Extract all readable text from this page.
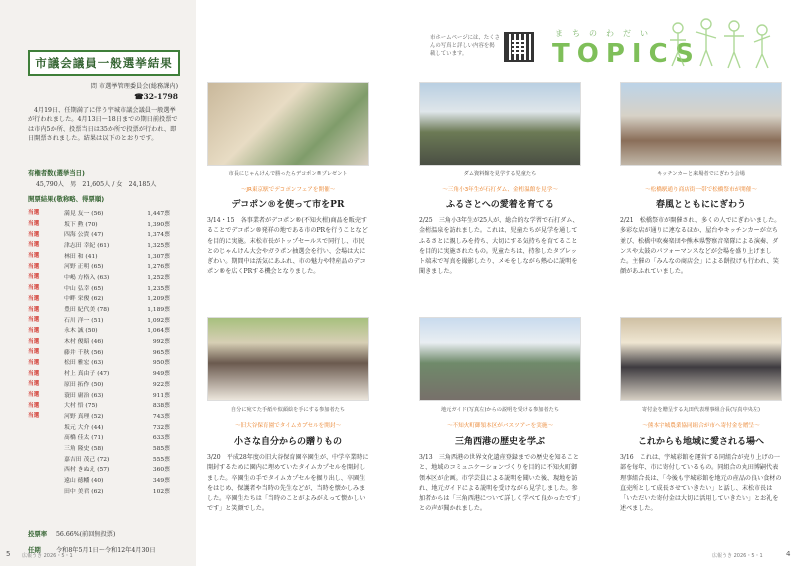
市議会議員一般選挙結果
問 市選挙管理委員会(総務課内)
☎32-1798
4月19日、任期満了に伴う宇城市議会議員一般選挙が行われました。4月13日～18日までの期日前投票では市内5か所、投票当日は35か所で投票が行われ、即日開票されました。結果は以下のとおりです。
有権者数(選挙当日)
45,790人　男　21,605人 / 女　24,185人
開票結果(敬称略、得票順)
当選	満見 友一 (56)	1,447票
当選	坂下 勲 (70)	1,390票
当選	四海 公貴 (47)	1,374票
当選	津志田 幸紀 (61)	1,325票
当選	林田 和 (41)	1,307票
当選	河野 正明 (65)	1,276票
当選	中嶋 方格入 (63)	1,252票
当選	中山 弘幸 (65)	1,235票
当選	中畔 栄俊 (62)	1,209票
当選	豊田 紀代美 (78)	1,189票
当選	石川 洋一 (51)	1,092票
当選	永木 誠 (50)	1,064票
当選	木村 俊昭 (46)	992票
当選	藤井 千秋 (56)	965票
当選	松田 雅宏 (63)	950票
当選	村上 真由子 (47)	949票
当選	原田 拓作 (50)	922票
当選	蓑田 庸治 (63)	911票
当選	大村 悟 (75)	838票
当選	河野 真理 (52)	743票
坂元 大介 (44)	732票
髙橋 佳太 (71)	633票
三角 隆史 (58)	585票
嘉吉田 茂己 (72)	555票
西村 きぬえ (57)	360票
遠山 徳幡 (40)	349票
田中 美君 (62)	102票
投票率 56.66%(前回無投票)
任期 令和8年5月1日～令和12年4月30日
市ホームページには、たくさんの写真と詳しい内容を掲載しています。
まちのわだい
TOPICS
市長にじゃんけんで勝ったらデコポン®プレゼント
〜JR東京駅でデコポンフェアを開催〜
デコポン®を使って市をPR
3/14・15　各事業者がデコポン®(不知火柑)商品を販売することでデコポン®発祥の地である市のPRを行うことなどを目的に実施。末松市長がトップセールスで同行し、市民とのじゃんけん大会やガラポン抽選会を行い、会場は大にぎわい。期間中は活気にあふれ、市の魅力や特産品のデコポン®を広くPRする機会となりました。
ダム資料館を見学する児童たち
〜三角小3年生が石打ダム、金桁温館を見学〜
ふるさとへの愛着を育てる
2/25　三角小3年生が25人が、総合的な学習で石打ダム、金桁温泉を訪れました。これは、児童たちが見学を通してふるさとに親しみを持ち、大切にする気持ちを育てることを目的に実施されたもの。児童たちは、持参したタブレット端末で写真を撮影したり、メモをしながら熱心に説明を聞きました。
キッチンカーと来場者でにぎわう会場
〜松橋駅通り商店街一帯で松橋祭市が開催〜
春風とともににぎわう
2/21　松橋祭市が開催され、多くの人でにぎわいました。多彩な店が通りに連なるほか、屋台やキッチンカーが立ち並び、松橋中吹奏楽団や熊本県警察音楽隊による演奏、ダンスや太鼓のパフォーマンスなどが会場を盛り上げました。主催の「みんなの商店会」による餅投げも行われ、笑顔があふれていました。
自分に宛てた手紙や似顔絵を手にする参加者たち
〜旧大谷保育園でタイムカプセルを開封〜
小さな自分からの贈りもの
3/20　平成28年度の旧大谷保育園卒園生が、中学卒業時に開封するために園内に埋めていたタイムカプセルを開封しました。卒園生の手でタイムカプセルを掘り出し、卒園生をはじめ、保護者や当時の先生などが、当時を懐かしみました。卒園生たちは「当時のことがよみがえって懐かしいです」と笑顔でした。
地元ガイド(写真左)からの説明を受ける参加者たち
〜不知火町御領本区がバスツアーを実施〜
三角西港の歴史を学ぶ
3/13　三角西港の世界文化遺産登録までの歴史を知ることと、地域のコミュニケーションづくりを目的に不知火町御領本区が企画。市学芸員による説明を聞いた後、現地を訪れ、地元ガイドによる説明を受けながら見学しました。参加者からは「三角西港について詳しく学べて良かったです」との声が聞かれました。
寄付金を贈呈する丸田代表理事組合長(写真中央左)
〜熊本宇城農業協同組合が市へ寄付金を贈呈〜
これからも地域に愛される場へ
3/16　これは、宇城彩館を運営する同組合が売り上げの一部を毎年、市に寄付しているもの。同組合の丸田博嗣代表理事組合長は、「今後も宇城彩館を地元の産品の良い食材の直売所として成長させていきたい」と話し、末松市長は「いただいた寄付金は大切に活用していきたい」とお礼を述べました。
5 広報うき 2026・5・1	広報うき 2026・5・1	4
